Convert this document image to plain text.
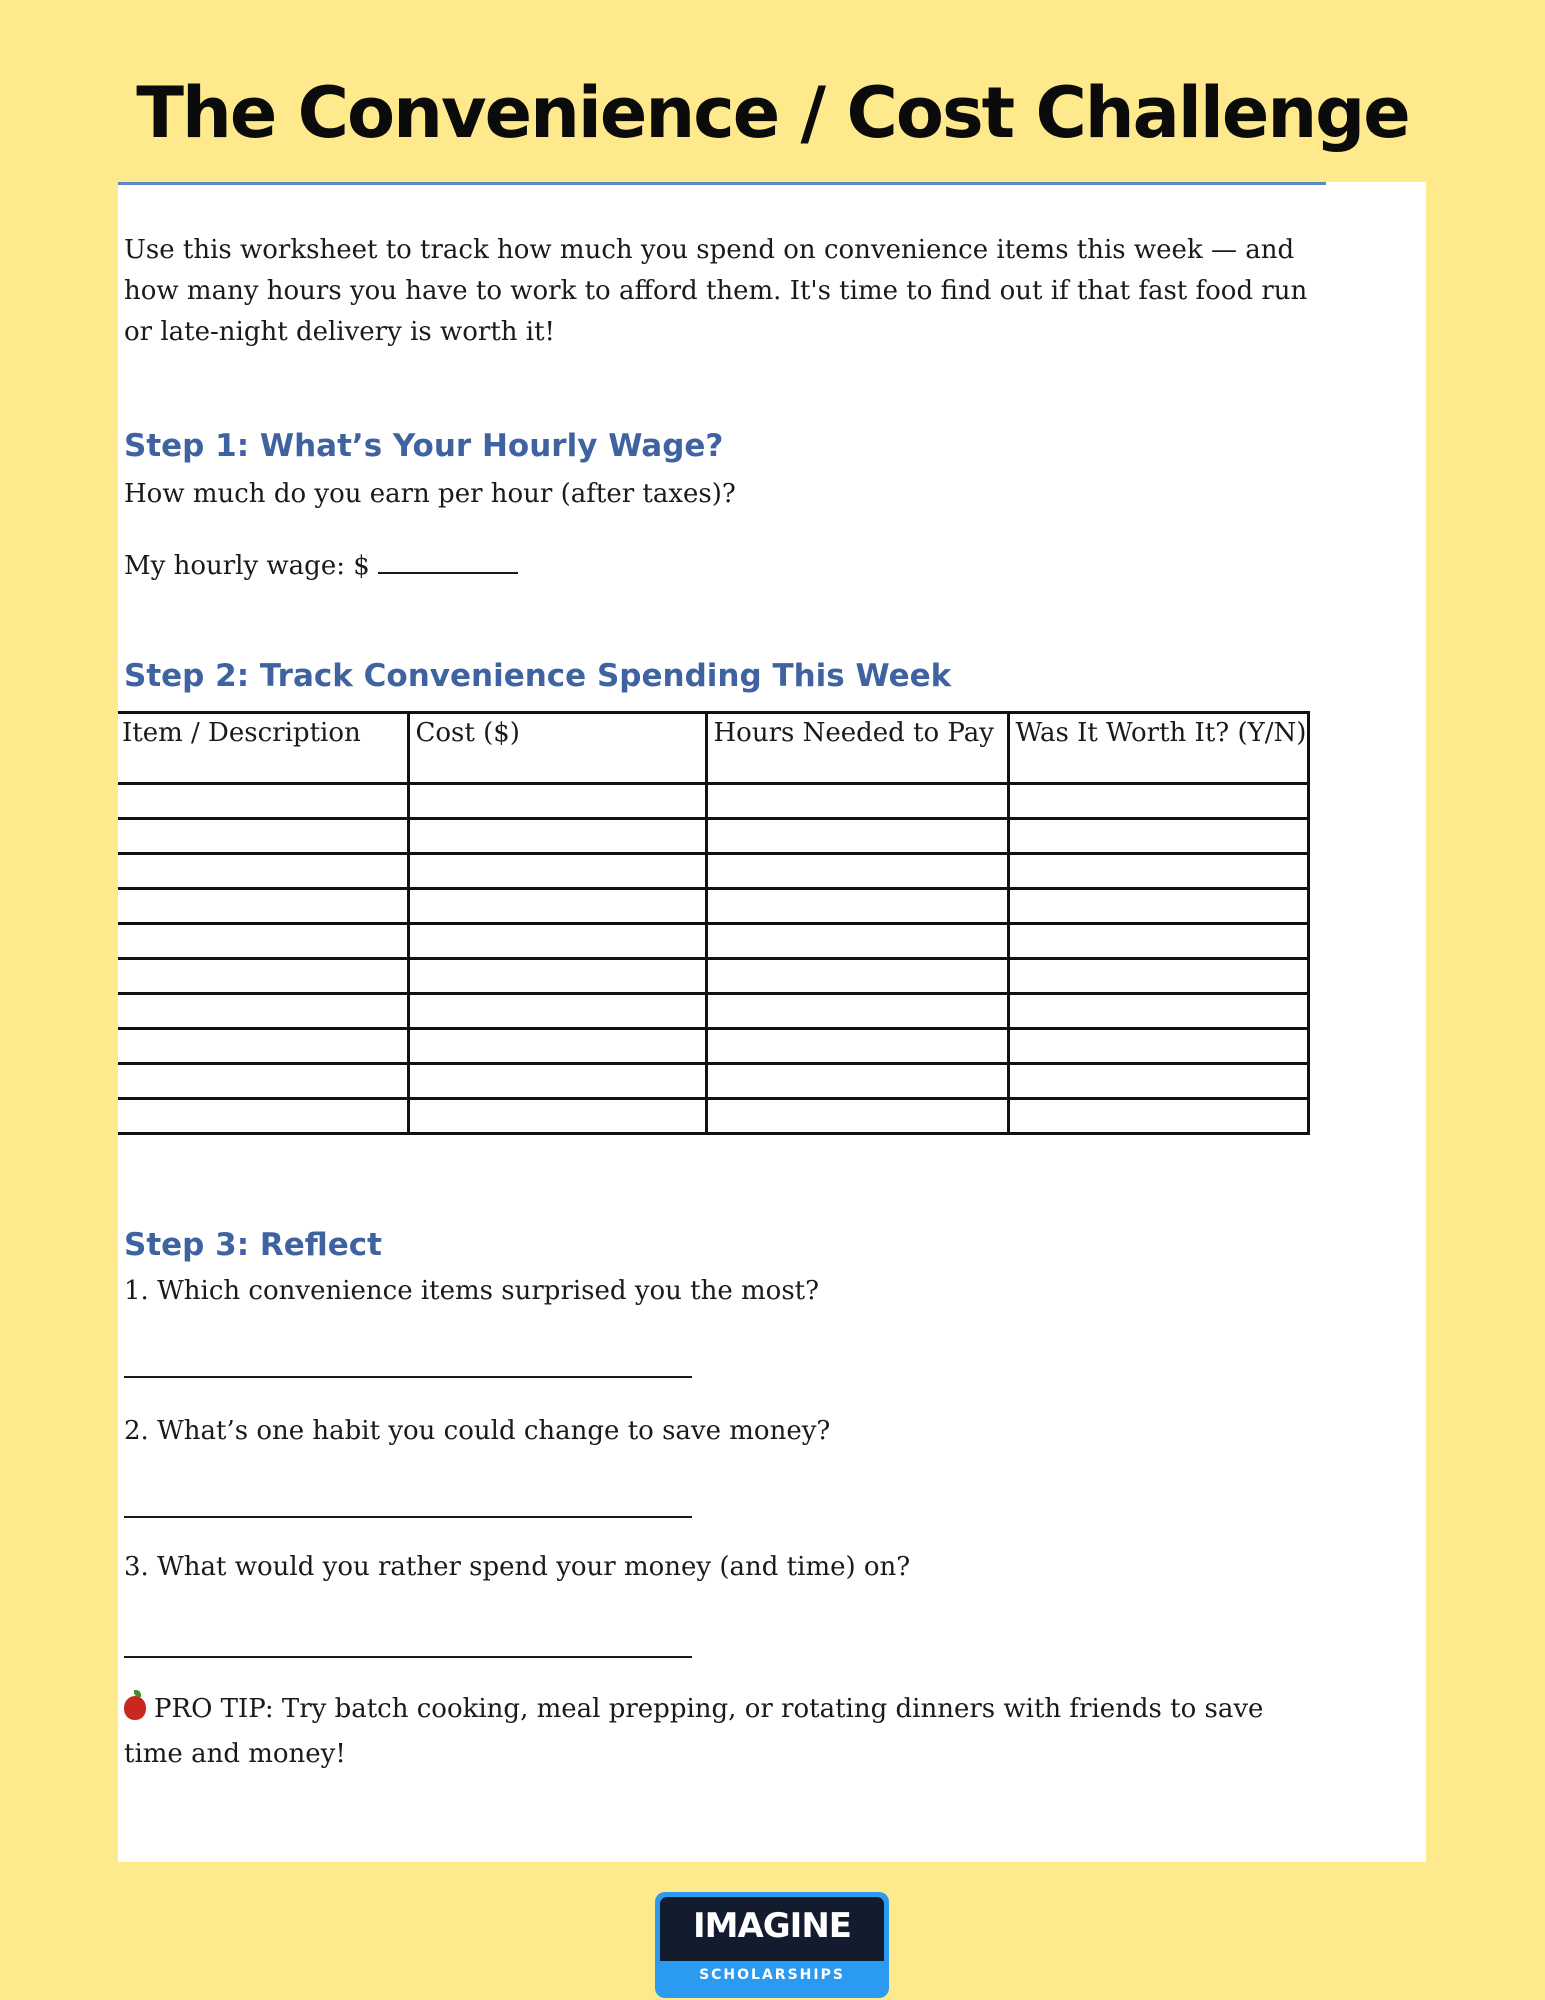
The Convenience / Cost Challenge

Use this worksheet to track how much you spend on convenience items this week — and how many hours you have to work to afford them. It's time to find out if that fast food run or late-night delivery is worth it!

Step 1: What’s Your Hourly Wage?

How much do you earn per hour (after taxes)?

My hourly wage: $

Step 2: Track Convenience Spending This Week
Item / Description	Cost ($)	Hours Needed to Pay	Was It Worth It? (Y/N)

Step 3: Reflect

1. Which convenience items surprised you the most?

2. What’s one habit you could change to save money?

3. What would you rather spend your money (and time) on?

PRO TIP: Try batch cooking, meal prepping, or rotating dinners with friends to save time and money!

IMAGINE
SCHOLARSHIPS
